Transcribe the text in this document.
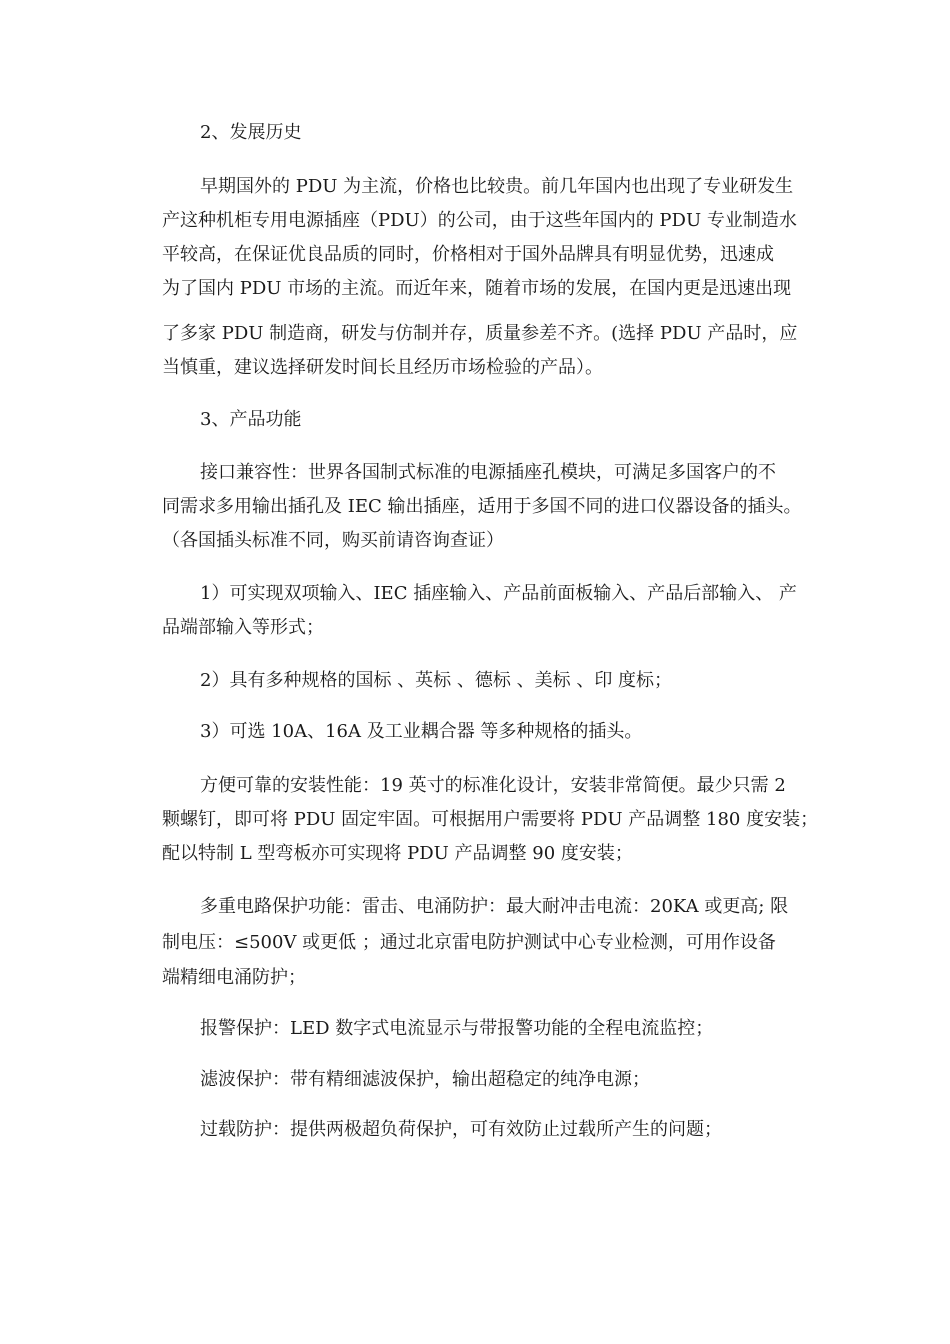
2、发展历史

早期国外的 PDU 为主流，价格也比较贵。前几年国内也出现了专业研发生

产这种机柜专用电源插座（PDU）的公司，由于这些年国内的 PDU 专业制造水

平较高，在保证优良品质的同时，价格相对于国外品牌具有明显优势，迅速成

为了国内 PDU 市场的主流。而近年来，随着市场的发展，在国内更是迅速出现

了多家 PDU 制造商，研发与仿制并存，质量参差不齐。(选择 PDU 产品时，应

当慎重，建议选择研发时间长且经历市场检验的产品）。

3、产品功能

接口兼容性：世界各国制式标准的电源插座孔模块，可满足多国客户的不

同需求多用输出插孔及 IEC 输出插座，适用于多国不同的进口仪器设备的插头。

（各国插头标准不同，购买前请咨询查证）

1）可实现双项输入、IEC 插座输入、产品前面板输入、产品后部输入、 产

品端部输入等形式；

2）具有多种规格的国标 、英标 、德标 、美标 、印 度标；

3）可选 10A、16A 及工业耦合器 等多种规格的插头。

方便可靠的安装性能：19 英寸的标准化设计，安装非常简便。最少只需 2

颗螺钉，即可将 PDU 固定牢固。可根据用户需要将 PDU 产品调整 180 度安装；

配以特制 L 型弯板亦可实现将 PDU 产品调整 90 度安装；

多重电路保护功能：雷击、电涌防护：最大耐冲击电流：20KA 或更高; 限

制电压：≤500V 或更低 ；通过北京雷电防护测试中心专业检测，可用作设备

端精细电涌防护；

报警保护：LED 数字式电流显示与带报警功能的全程电流监控；

滤波保护：带有精细滤波保护，输出超稳定的纯净电源；

过载防护：提供两极超负荷保护，可有效防止过载所产生的问题；
